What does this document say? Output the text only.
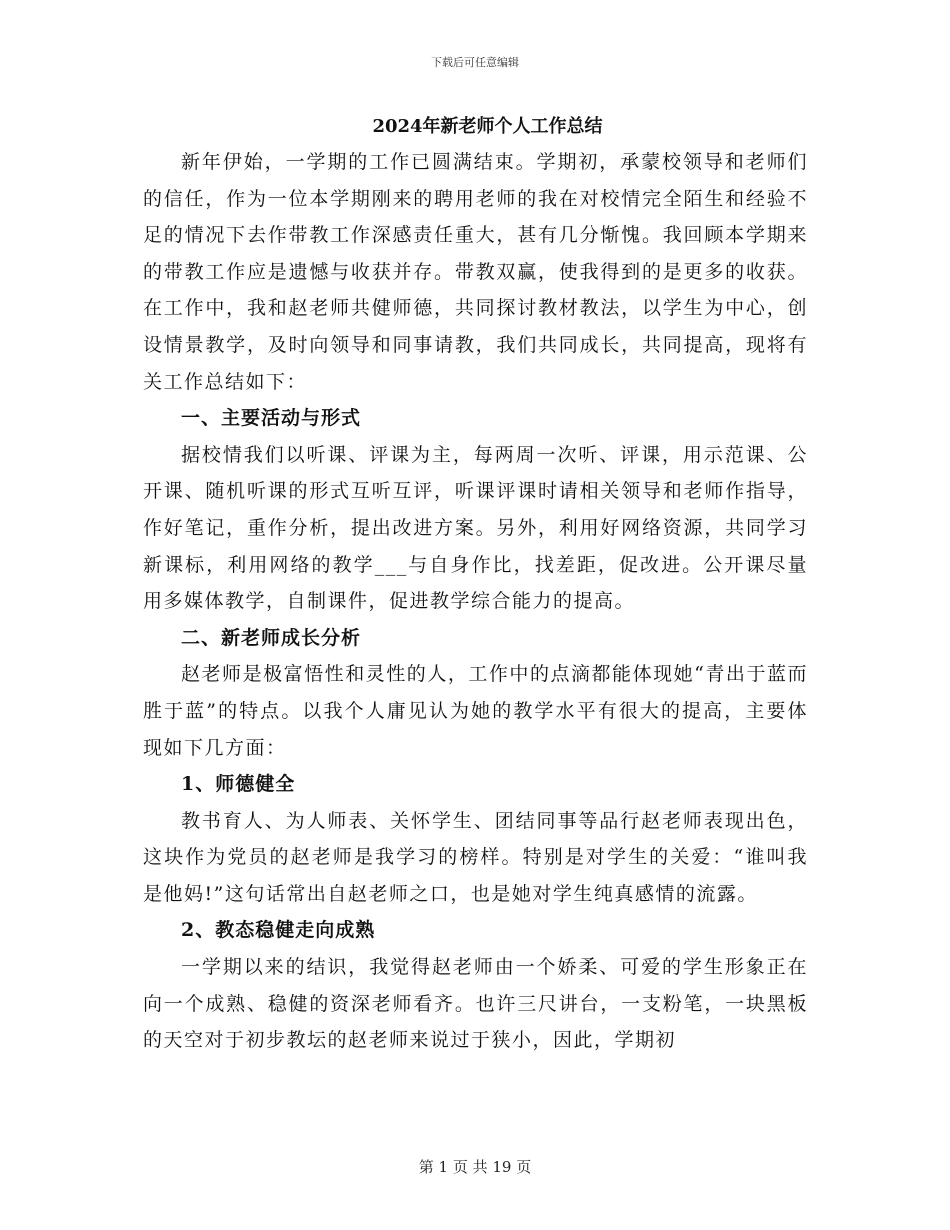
下载后可任意编辑
2024年新老师个人工作总结

新年伊始，一学期的工作已圆满结束。学期初，承蒙校领导和老师们的信任，作为一位本学期刚来的聘用老师的我在对校情完全陌生和经验不足的情况下去作带教工作深感责任重大，甚有几分惭愧。我回顾本学期来的带教工作应是遗憾与收获并存。带教双赢，使我得到的是更多的收获。在工作中，我和赵老师共健师德，共同探讨教材教法，以学生为中心，创设情景教学，及时向领导和同事请教，我们共同成长，共同提高，现将有关工作总结如下：

一、主要活动与形式

据校情我们以听课、评课为主，每两周一次听、评课，用示范课、公开课、随机听课的形式互听互评，听课评课时请相关领导和老师作指导，作好笔记，重作分析，提出改进方案。另外，利用好网络资源，共同学习新课标，利用网络的教学___与自身作比，找差距，促改进。公开课尽量用多媒体教学，自制课件，促进教学综合能力的提高。

二、新老师成长分析

赵老师是极富悟性和灵性的人，工作中的点滴都能体现她“青出于蓝而胜于蓝”的特点。以我个人庸见认为她的教学水平有很大的提高，主要体现如下几方面：

1、师德健全

教书育人、为人师表、关怀学生、团结同事等品行赵老师表现出色，这块作为党员的赵老师是我学习的榜样。特别是对学生的关爱：“谁叫我是他妈!”这句话常出自赵老师之口，也是她对学生纯真感情的流露。

2、教态稳健走向成熟

一学期以来的结识，我觉得赵老师由一个娇柔、可爱的学生形象正在向一个成熟、稳健的资深老师看齐。也许三尺讲台，一支粉笔，一块黑板的天空对于初步教坛的赵老师来说过于狭小，因此，学期初

第 1 页 共 19 页
